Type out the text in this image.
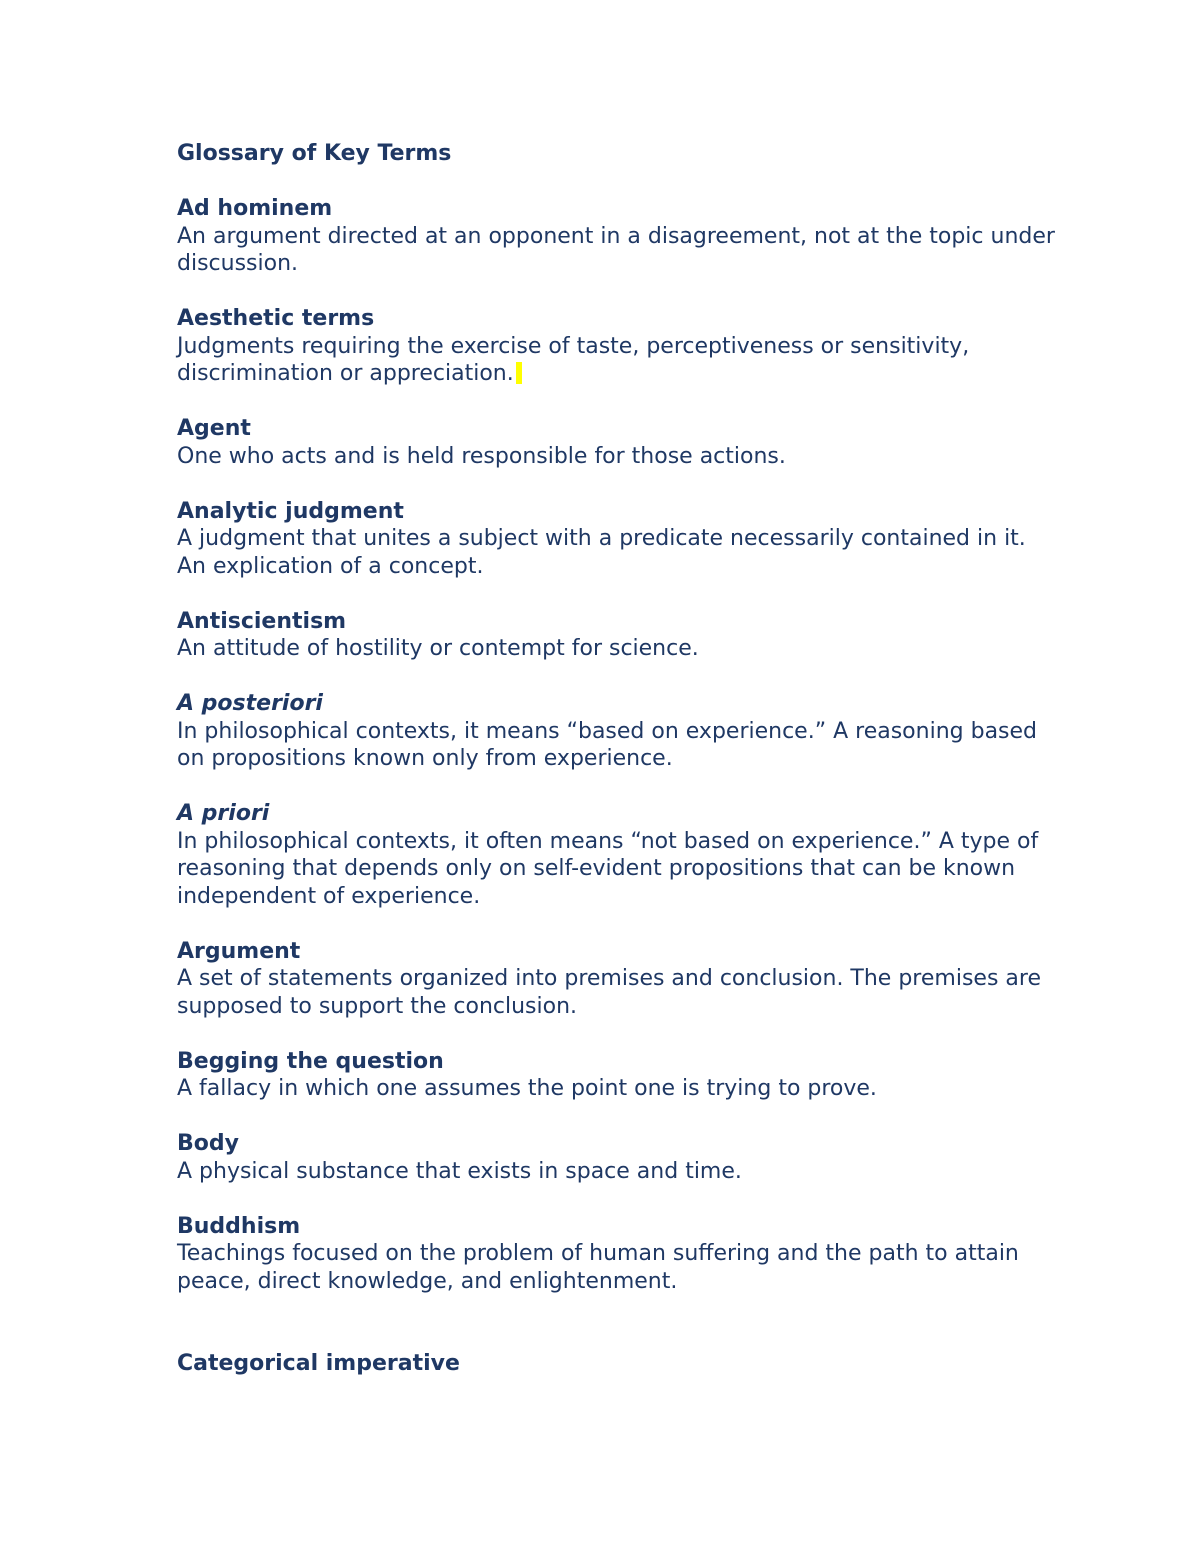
Glossary of Key Terms

Ad hominem
An argument directed at an opponent in a disagreement, not at the topic under discussion.
Aesthetic terms
Judgments requiring the exercise of taste, perceptiveness or sensitivity, discrimination or appreciation.
Agent
One who acts and is held responsible for those actions.
Analytic judgment
A judgment that unites a subject with a predicate necessarily contained in it. An explication of a concept.
Antiscientism
An attitude of hostility or contempt for science.
A posteriori
In philosophical contexts, it means “based on experience.” A reasoning based on propositions known only from experience.
A priori
In philosophical contexts, it often means “not based on experience.” A type of reasoning that depends only on self-evident propositions that can be known independent of experience.
Argument
A set of statements organized into premises and conclusion. The premises are supposed to support the conclusion.
Begging the question
A fallacy in which one assumes the point one is trying to prove.
Body
A physical substance that exists in space and time.
Buddhism
Teachings focused on the problem of human suffering and the path to attain peace, direct knowledge, and enlightenment.
Categorical imperative
